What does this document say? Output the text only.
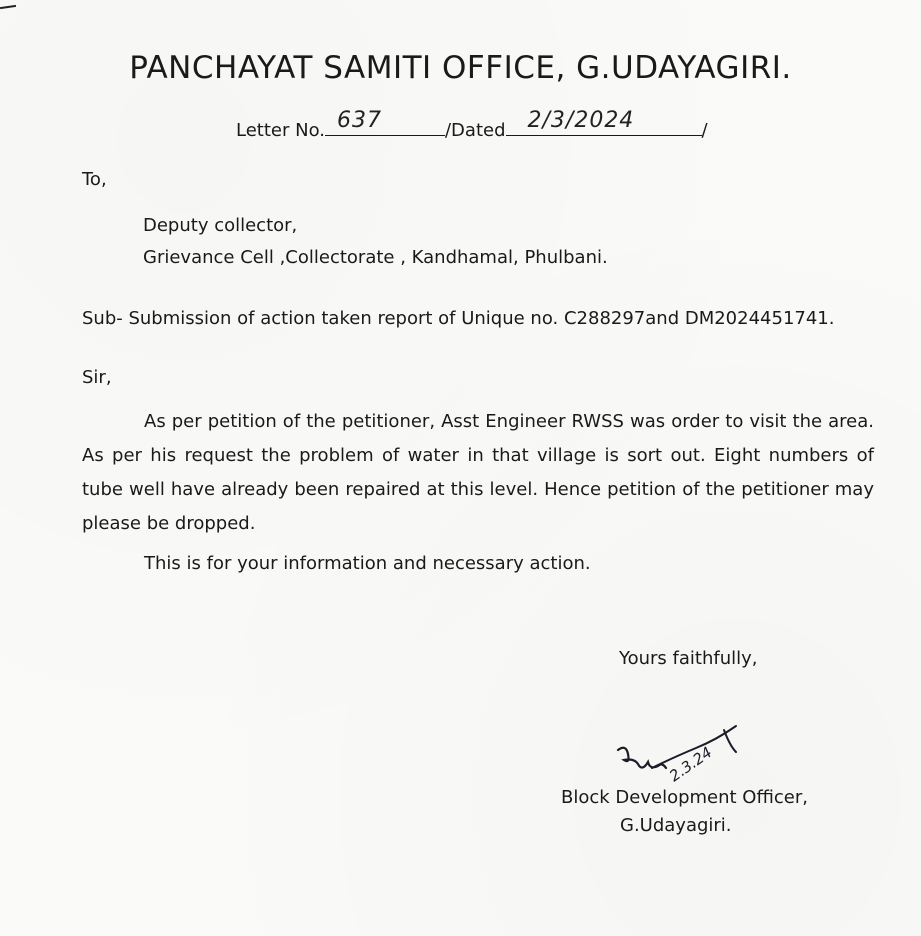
PANCHAYAT SAMITI OFFICE, G.UDAYAGIRI.
Letter No. 637	/Dated 2/3/2024	/
To,
Deputy collector,
Grievance Cell ,Collectorate , Kandhamal, Phulbani.
Sub- Submission of action taken report of Unique no. C288297and DM2024451741.
Sir,
As per petition of the petitioner, Asst Engineer RWSS was order to visit the area. As per his request the problem of water in that village is sort out. Eight numbers of tube well have already been repaired at this level. Hence petition of the petitioner may please be dropped.
This is for your information and necessary action.
Yours faithfully,
2.3.24
Block Development Officer,
G.Udayagiri.
